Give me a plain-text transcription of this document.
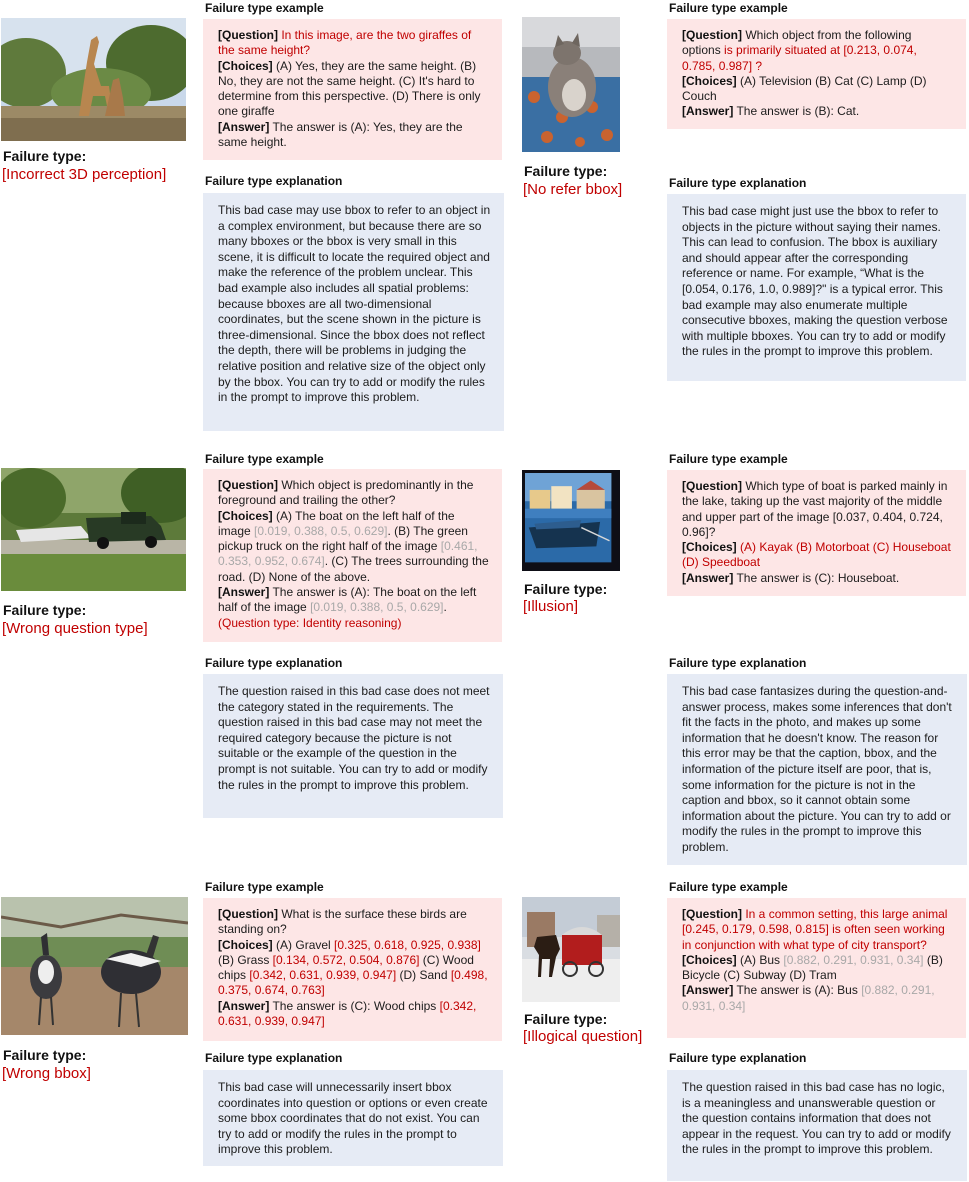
Failure type:
[Incorrect 3D perception]
Failure type example
[Question] In this image, are the two giraffes of the same height?
[Choices] (A) Yes, they are the same height. (B) No, they are not the same height. (C) It's hard to determine from this perspective. (D) There is only one giraffe
[Answer] The answer is (A): Yes, they are the same height.
Failure type explanation
This bad case may use bbox to refer to an object in a complex environment, but because there are so many bboxes or the bbox is very small in this scene, it is difficult to locate the required object and make the reference of the problem unclear. This bad example also includes all spatial problems: because bboxes are all two-dimensional coordinates, but the scene shown in the picture is three-dimensional. Since the bbox does not reflect the depth, there will be problems in judging the relative position and relative size of the object only by the bbox. You can try to add or modify the rules in the prompt to improve this problem.
Failure type:
[No refer bbox]
Failure type example
[Question] Which object from the following options is primarily situated at [0.213, 0.074, 0.785, 0.987] ?
[Choices] (A) Television (B) Cat (C) Lamp (D) Couch
[Answer] The answer is (B): Cat.
Failure type explanation
This bad case might just use the bbox to refer to objects in the picture without saying their names. This can lead to confusion. The bbox is auxiliary and should appear after the corresponding reference or name. For example, “What is the [0.054, 0.176, 1.0, 0.989]?" is a typical error. This bad example may also enumerate multiple consecutive bboxes, making the question verbose with multiple bboxes. You can try to add or modify the rules in the prompt to improve this problem.
Failure type:
[Wrong question type]
Failure type example
[Question] Which object is predominantly in the foreground and trailing the other?
[Choices] (A) The boat on the left half of the image [0.019, 0.388, 0.5, 0.629]. (B) The green pickup truck on the right half of the image [0.461, 0.353, 0.952, 0.674]. (C) The trees surrounding the road. (D) None of the above.
[Answer] The answer is (A): The boat on the left half of the image [0.019, 0.388, 0.5, 0.629].
(Question type: Identity reasoning)
Failure type explanation
The question raised in this bad case does not meet the category stated in the requirements. The question raised in this bad case may not meet the required category because the picture is not suitable or the example of the question in the prompt is not suitable. You can try to add or modify the rules in the prompt to improve this problem.
Failure type:
[Illusion]
Failure type example
[Question] Which type of boat is parked mainly in the lake, taking up the vast majority of the middle and upper part of the image [0.037, 0.404, 0.724, 0.96]?
[Choices] (A) Kayak (B) Motorboat (C) Houseboat (D) Speedboat
[Answer] The answer is (C): Houseboat.
Failure type explanation
This bad case fantasizes during the question-and-answer process, makes some inferences that don't fit the facts in the photo, and makes up some information that he doesn't know. The reason for this error may be that the caption, bbox, and the information of the picture itself are poor, that is, some information for the picture is not in the caption and bbox, so it cannot obtain some information about the picture. You can try to add or modify the rules in the prompt to improve this problem.
Failure type:
[Wrong bbox]
Failure type example
[Question] What is the surface these birds are standing on?
[Choices] (A) Gravel [0.325, 0.618, 0.925, 0.938] (B) Grass [0.134, 0.572, 0.504, 0.876] (C) Wood chips [0.342, 0.631, 0.939, 0.947] (D) Sand [0.498, 0.375, 0.674, 0.763]
[Answer] The answer is (C): Wood chips [0.342, 0.631, 0.939, 0.947]
Failure type explanation
This bad case will unnecessarily insert bbox coordinates into question or options or even create some bbox coordinates that do not exist. You can try to add or modify the rules in the prompt to improve this problem.
Failure type:
[Illogical question]
Failure type example
[Question] In a common setting, this large animal [0.245, 0.179, 0.598, 0.815] is often seen working in conjunction with what type of city transport?
[Choices] (A) Bus [0.882, 0.291, 0.931, 0.34] (B) Bicycle (C) Subway (D) Tram
[Answer] The answer is (A): Bus [0.882, 0.291, 0.931, 0.34]
Failure type explanation
The question raised in this bad case has no logic, is a meaningless and unanswerable question or the question contains information that does not appear in the request. You can try to add or modify the rules in the prompt to improve this problem.
